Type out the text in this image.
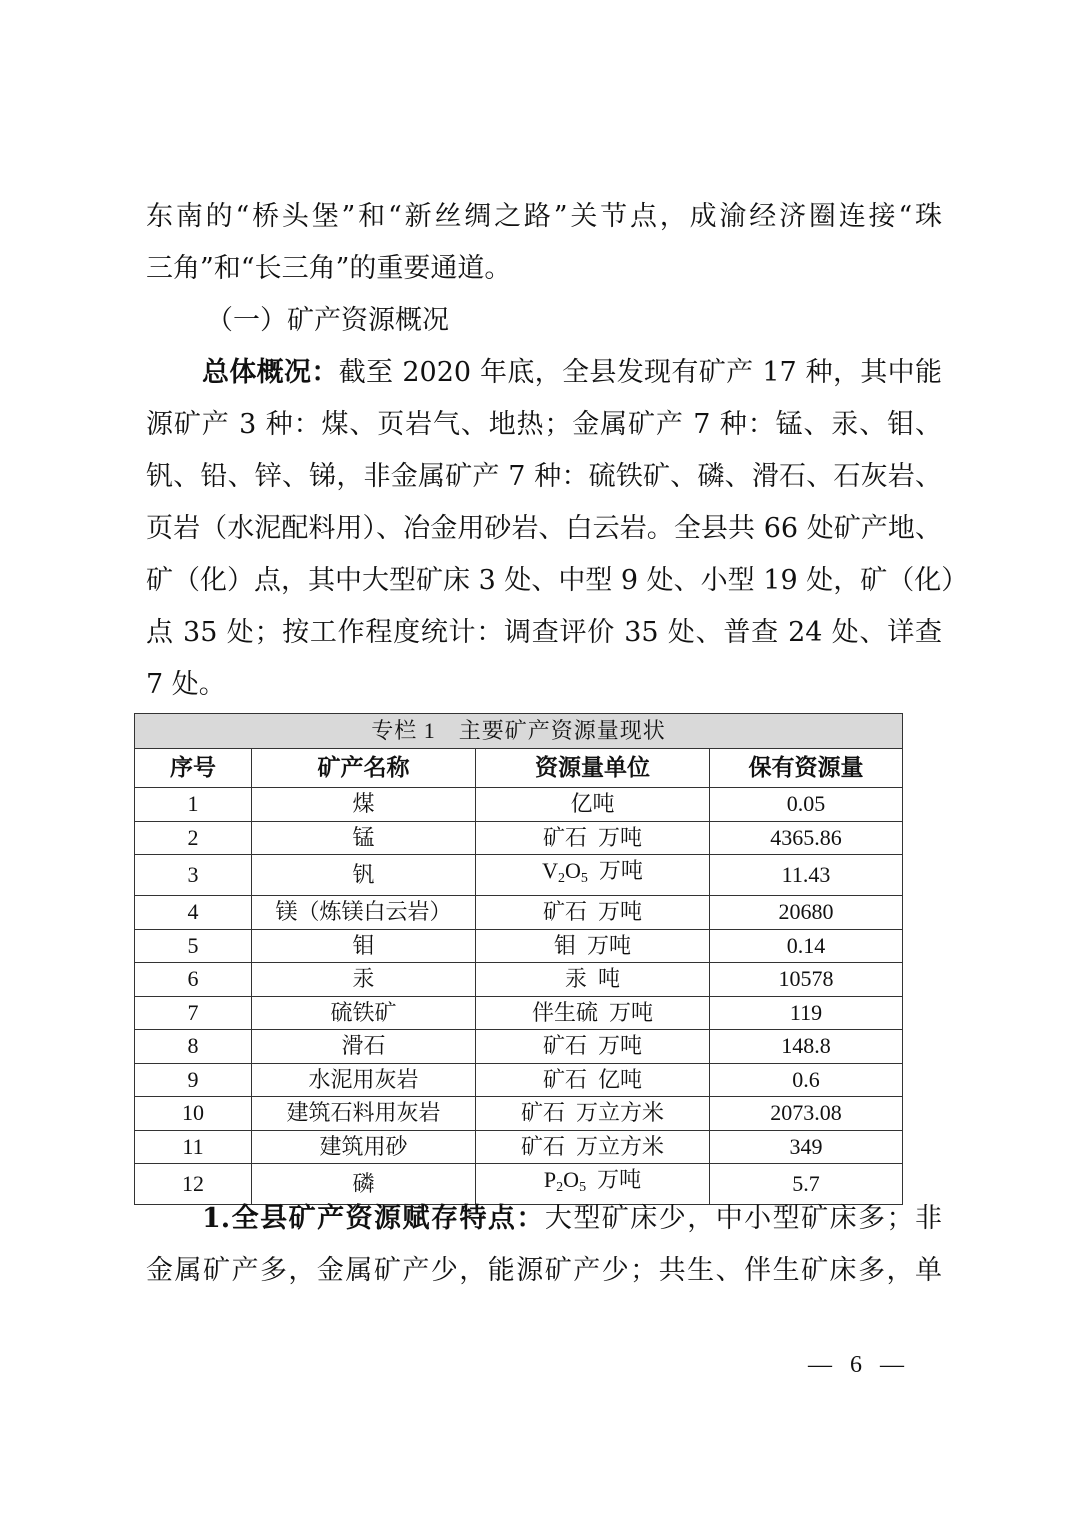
东南的“桥头堡”和“新丝绸之路”关节点，成渝经济圈连接“珠
三角”和“长三角”的重要通道。
（一）矿产资源概况
总体概况：截至 2020 年底，全县发现有矿产 17 种，其中能
源矿产 3 种：煤、页岩气、地热；金属矿产 7 种：锰、汞、钼、
钒、铅、锌、锑，非金属矿产 7 种：硫铁矿、磷、滑石、石灰岩、
页岩（水泥配料用）、冶金用砂岩、白云岩。全县共 66 处矿产地、
矿（化）点，其中大型矿床 3 处、中型 9 处、小型 19 处，矿（化）
点 35 处；按工作程度统计：调查评价 35 处、普查 24 处、详查
7 处。
专栏 1　主要矿产资源量现状			
序号	矿产名称	资源量单位	保有资源量
1	煤	亿吨	0.05
2	锰	矿石  万吨	4365.86
3	钒	$V_2O_5$  万吨	11.43
4	镁（炼镁白云岩）	矿石  万吨	20680
5	钼	钼  万吨	0.14
6	汞	汞  吨	10578
7	硫铁矿	伴生硫  万吨	119
8	滑石	矿石  万吨	148.8
9	水泥用灰岩	矿石  亿吨	0.6
10	建筑石料用灰岩	矿石  万立方米	2073.08
11	建筑用砂	矿石  万立方米	349
12	磷	$P_2O_5$  万吨	5.7
1.全县矿产资源赋存特点：大型矿床少，中小型矿床多；非
金属矿产多，金属矿产少，能源矿产少；共生、伴生矿床多，单
— 6 —
